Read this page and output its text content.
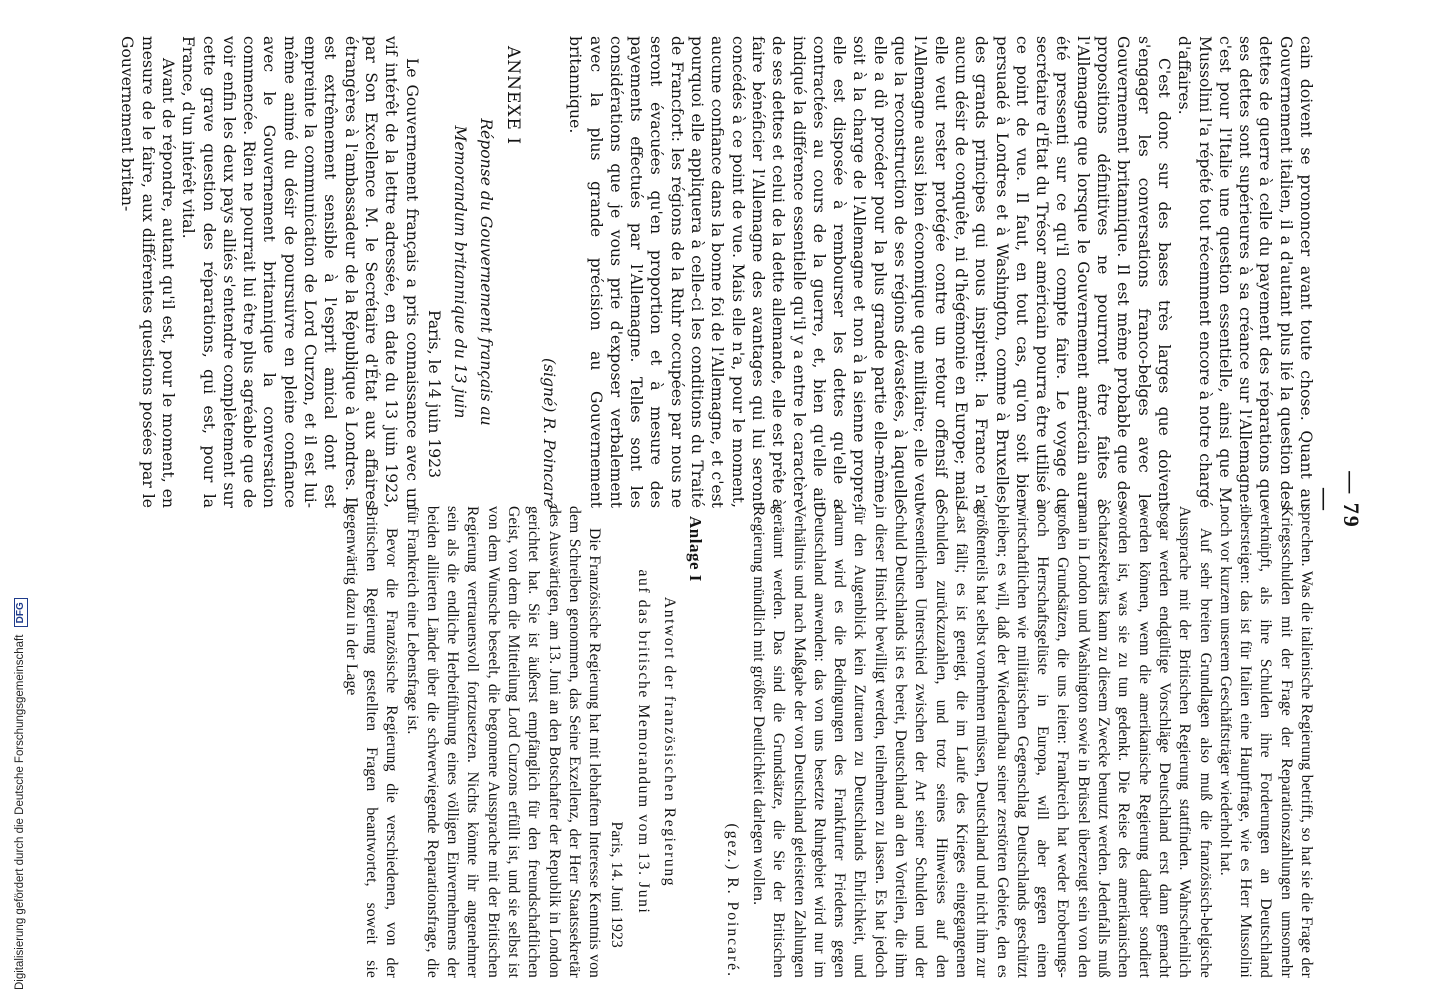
— 79 —

cain doivent se prononcer avant toute chose. Quant au Gouvernement italien, il a d'autant plus lié la question des dettes de guerre à celle du payement des réparations que ses dettes sont supérieures à sa créance sur l'Allemagne: c'est pour l'Italie une question essentielle, ainsi que M. Mussolini l'a répété tout récemment encore à notre chargé d'affaires.

C'est donc sur des bases très larges que doivent s'engager les conversations franco-belges avec le Gouvernement britannique. Il est même probable que des propositions définitives ne pourront être faites à l'Allemagne que lorsque le Gouvernement américain aura été pressenti sur ce qu'il compte faire. Le voyage du secrétaire d'État du Trésor américain pourra être utilisé à ce point de vue. Il faut, en tout cas, qu'on soit bien persuadé à Londres et à Washington, comme à Bruxelles, des grands principes qui nous inspirent: la France n'a aucun désir de conquête, ni d'hégémonie en Europe; mais elle veut rester protégée contre un retour offensif de l'Allemagne aussi bien économique que militaire; elle veut que la reconstruction de ses régions dévastées, à laquelle elle a dû procéder pour la plus grande partie elle-même, soit à la charge de l'Allemagne et non à la sienne propre; elle est disposée à rembourser les dettes qu'elle a contractées au cours de la guerre, et, bien qu'elle ait indiqué la différence essentielle qu'il y a entre le caractère de ses dettes et celui de la dette allemande, elle est prête à faire bénéficier l'Allemagne des avantages qui lui seront concédés à ce point de vue. Mais elle n'a, pour le moment, aucune confiance dans la bonne foi de l'Allemagne, et c'est pourquoi elle appliquera à celle-ci les conditions du Traité de Francfort: les régions de la Ruhr occupées par nous ne seront évacuées qu'en proportion et à mesure des payements effectués par l'Allemagne. Telles sont les considérations que je vous prie d'exposer verbalement avec la plus grande précision au Gouvernement britannique.

(signé) R. Poincaré
ANNEXE I
Réponse du Gouvernement français au
Memorandum britannique du 13 juin
Paris, le 14 juin 1923

Le Gouvernement français a pris connaissance avec un vif intérêt de la lettre adressée, en date du 13 juin 1923, par Son Excellence M. le Secrétaire d'État aux affaires étrangères à l'ambassadeur de la République à Londres. Il est extrêmement sensible à l'esprit amical dont est empreinte la communication de Lord Curzon, et il est lui-même animé du désir de poursuivre en pleine confiance avec le Gouvernement britannique la conversation commencée. Rien ne pourrait lui être plus agréable que de voir enfin les deux pays alliés s'entendre complètement sur cette grave question des réparations, qui est, pour la France, d'un intérêt vital.

Avant de répondre, autant qu'il est, pour le moment, en mesure de le faire, aux différentes questions posées par le Gouvernement britan-

sprechen. Was die italienische Regierung betrifft, so hat sie die Frage der Kriegsschulden mit der Frage der Reparationszahlungen umsomehr verknüpft, als ihre Schulden ihre Forderungen an Deutschland übersteigen: das ist für Italien eine Hauptfrage, wie es Herr Mussolini noch vor kurzem unserem Geschäftsträger wiederholt hat.

Auf sehr breiten Grundlagen also muß die französisch-belgische Aussprache mit der Britischen Regierung stattfinden. Wahrscheinlich sogar werden endgültige Vorschläge Deutschland erst dann gemacht werden können, wenn die amerikanische Regierung darüber sondiert worden ist, was sie zu tun gedenkt. Die Reise des amerikanischen Schatzsekretärs kann zu diesem Zwecke benutzt werden. Jedenfalls muß man in London und Washington sowie in Brüssel überzeugt sein von den großen Grundsätzen, die uns leiten: Frankreich hat weder Eroberungs- noch Herrschaftsgelüste in Europa, will aber gegen einen wirtschaftlichen wie militärischen Gegenschlag Deutschlands geschützt bleiben; es will, daß der Wiederaufbau seiner zerstörten Gebiete, den es größtenteils hat selbst vornehmen müssen, Deutschland und nicht ihm zur Last fällt; es ist geneigt, die im Laufe des Krieges eingegangenen Schulden zurückzuzahlen, und trotz seines Hinweises auf den wesentlichen Unterschied zwischen der Art seiner Schulden und der Schuld Deutschlands ist es bereit, Deutschland an den Vorteilen, die ihm in dieser Hinsicht bewilligt werden, teilnehmen zu lassen. Es hat jedoch für den Augenblick kein Zutrauen zu Deutschlands Ehrlichkeit, und darum wird es die Bedingungen des Frankfurter Friedens gegen Deutschland anwenden: das von uns besetzte Ruhrgebiet wird nur im Verhältnis und nach Maßgabe der von Deutschland geleisteten Zahlungen geräumt werden. Das sind die Grundsätze, die Sie der Britischen Regierung mündlich mit größter Deutlichkeit darlegen wollen.

(gez.) R. Poincaré.
Anlage I
Antwort der französischen Regierung
auf das britische Memorandum vom 13. Juni
Paris, 14. Juni 1923

Die Französische Regierung hat mit lebhaftem Interesse Kenntnis von dem Schreiben genommen, das Seine Exzellenz, der Herr Staatssekretär des Auswärtigen, am 13. Juni an den Botschafter der Republik in London gerichtet hat. Sie ist äußerst empfänglich für den freundschaftlichen Geist, von dem die Mitteilung Lord Curzons erfüllt ist, und sie selbst ist von dem Wunsche beseelt, die begonnene Aussprache mit der Britischen Regierung vertrauensvoll fortzusetzen. Nichts könnte ihr angenehmer sein als die endliche Herbeiführung eines völligen Einvernehmens der beiden alliierten Länder über die schwerwiegende Reparationsfrage, die für Frankreich eine Lebensfrage ist.

Bevor die Französische Regierung die verschiedenen, von der Britischen Regierung gestellten Fragen beantwortet, soweit sie gegenwärtig dazu in der Lage

Digitalisierung gefördert durch die Deutsche Forschungsgemeinschaft DFG
